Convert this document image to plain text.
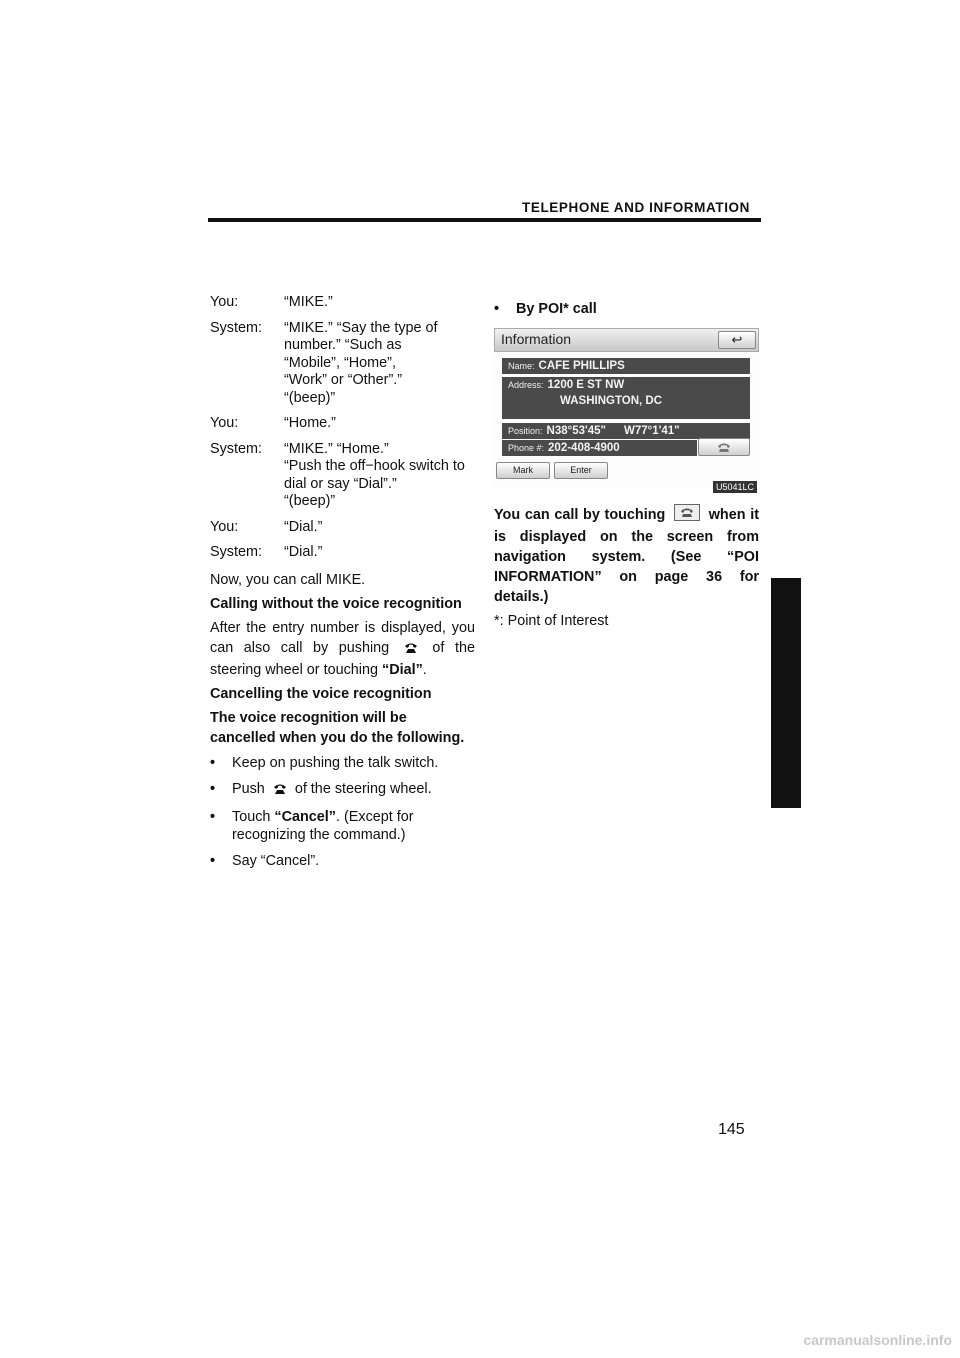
TELEPHONE AND INFORMATION
You:	“MIKE.”
System:	“MIKE.” “Say the type of
number.” “Such as
“Mobile”, “Home”,
“Work” or “Other”.”
“(beep)”
You:	“Home.”
System:	“MIKE.” “Home.”
“Push the off−hook switch to
dial or say “Dial”.”
“(beep)”
You:	“Dial.”
System:	“Dial.”

Now, you can call MIKE.

Calling without the voice recognition

After the entry number is displayed, you can also call by pushing	of the steering wheel or touching “Dial”.

Cancelling the voice recognition

The voice recognition will be cancelled when you do the following.

•	Keep on pushing the talk switch.
•	Push of the steering wheel.
•	Touch “Cancel”. (Except for recognizing the command.)
•	Say “Cancel”.
•	By POI* call
Information	↩
Name: CAFE PHILLIPS
Address: 1200 E ST NW
WASHINGTON, DC
Position: N38°53'45" W77°1'41"
Phone #: 202-408-4900
Mark	Enter
U5041LC

You can call by touching	when it is displayed on the screen from navigation system. (See “POI INFORMATION” on page 36 for details.)

*: Point of Interest

145
carmanualsonline.info
